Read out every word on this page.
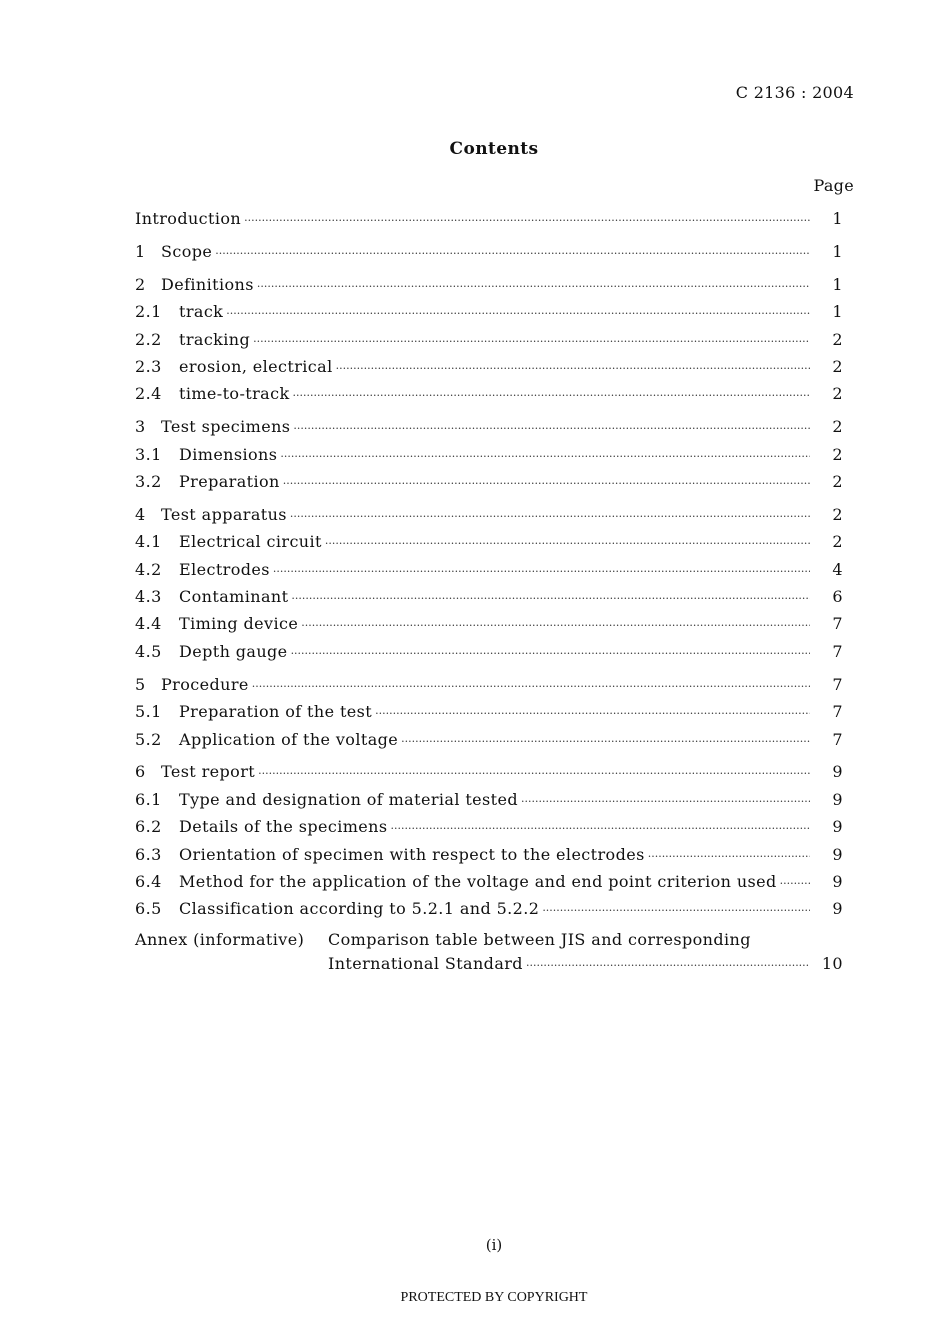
C 2136 : 2004
Contents
Page
Introduction ·····	1
1 Scope ·····	1
2 Definitions ·····	1
2.1	track ·····	1
2.2	tracking ·····	2
2.3	erosion, electrical ·····	2
2.4	time-to-track ·····	2
3 Test specimens ·····	2
3.1	Dimensions ·····	2
3.2	Preparation ·····	2
4 Test apparatus ·····	2
4.1	Electrical circuit ·····	2
4.2	Electrodes ·····	4
4.3	Contaminant ·····	6
4.4	Timing device ·····	7
4.5	Depth gauge ·····	7
5 Procedure ·····	7
5.1	Preparation of the test ·····	7
5.2	Application of the voltage ·····	7
6 Test report ·····	9
6.1	Type and designation of material tested ·····	9
6.2	Details of the specimens ·····	9
6.3	Orientation of specimen with respect to the electrodes ·····	9
6.4	Method for the application of the voltage and end point criterion used ·····	9
6.5	Classification according to 5.2.1 and 5.2.2 ·····	9
Annex (informative)	Comparison table between JIS and corresponding
International Standard ·····	10
(i)
PROTECTED BY COPYRIGHT
